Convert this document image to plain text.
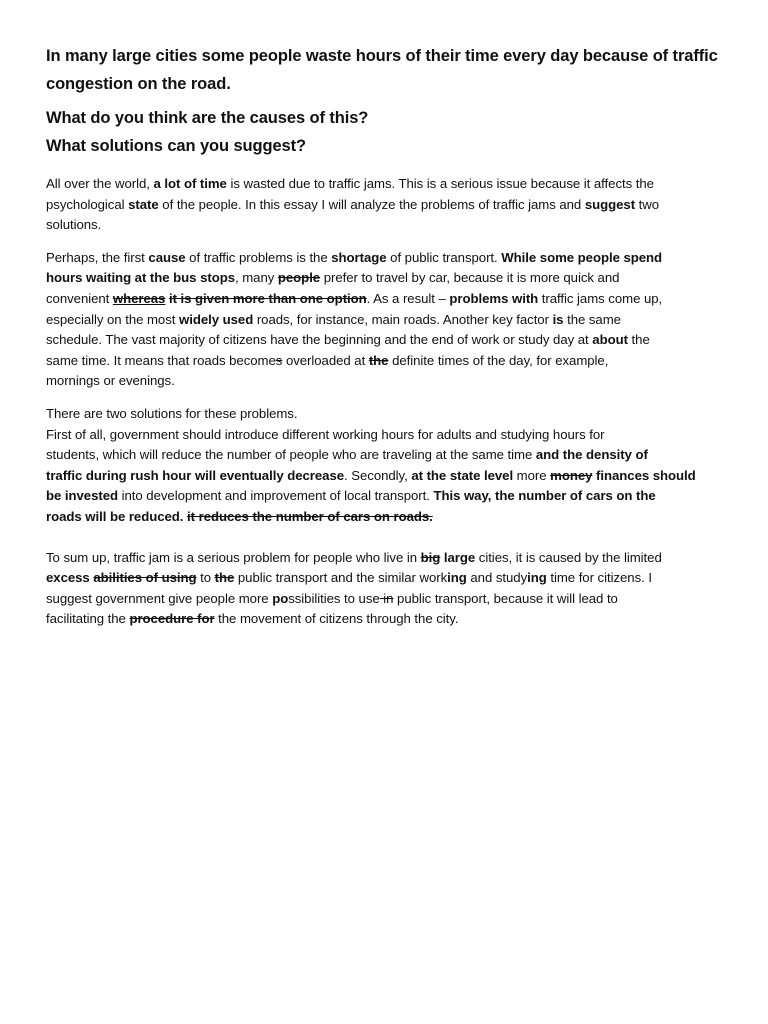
In many large cities some people waste hours of their time every day because of traffic congestion on the road.
What do you think are the causes of this?
What solutions can you suggest?

All over the world, a lot of time is wasted due to traffic jams. This is a serious issue because it affects the
psychological state of the people. In this essay I will analyze the problems of traffic jams and suggest two
solutions.

Perhaps, the first cause of traffic problems is the shortage of public transport. While some people spend
hours waiting at the bus stops, many people prefer to travel by car, because it is more quick and
convenient whereas it is given more than one option. As a result – problems with traffic jams come up,
especially on the most widely used roads, for instance, main roads. Another key factor is the same
schedule. The vast majority of citizens have the beginning and the end of work or study day at about the
same time. It means that roads becomes overloaded at the definite times of the day, for example,
mornings or evenings.

There are two solutions for these problems.
First of all, government should introduce different working hours for adults and studying hours for
students, which will reduce the number of people who are traveling at the same time and the density of
traffic during rush hour will eventually decrease. Secondly, at the state level more money finances should
be invested into development and improvement of local transport. This way, the number of cars on the
roads will be reduced. it reduces the number of cars on roads.

To sum up, traffic jam is a serious problem for people who live in big large cities, it is caused by the limited
excess abilities of using to the public transport and the similar working and studying time for citizens. I
suggest government give people more possibilities to use in public transport, because it will lead to
facilitating the procedure for the movement of citizens through the city.
